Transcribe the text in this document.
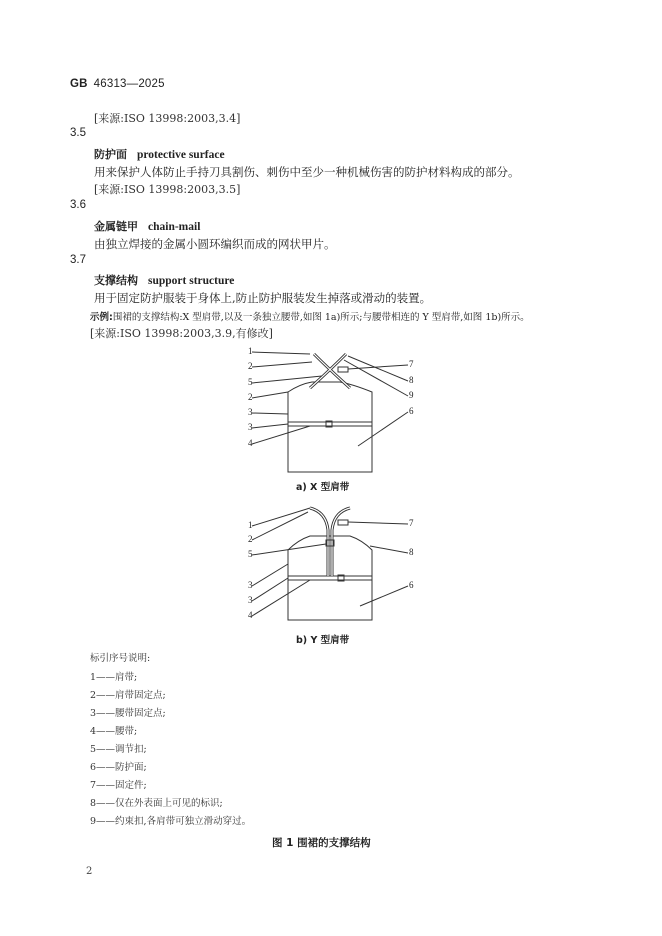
GB 46313—2025
[来源:ISO 13998:2003,3.4]
3.5
防护面 protective surface
用来保护人体防止手持刀具割伤、刺伤中至少一种机械伤害的防护材料构成的部分。
[来源:ISO 13998:2003,3.5]
3.6
金属链甲 chain-mail
由独立焊接的金属小圆环编织而成的网状甲片。
3.7
支撑结构 support structure
用于固定防护服装于身体上,防止防护服装发生掉落或滑动的装置。
示例:围裙的支撑结构:X 型肩带,以及一条独立腰带,如图 1a)所示;与腰带相连的 Y 型肩带,如图 1b)所示。
[来源:ISO 13998:2003,3.9,有修改]
1
2
5
2
3
3
4
7
8
9
6
a) X 型肩带
1
2
5
3
3
4
7
8
6
b) Y 型肩带
标引序号说明:
1——肩带;
2——肩带固定点;
3——腰带固定点;
4——腰带;
5——调节扣;
6——防护面;
7——固定件;
8——仅在外表面上可见的标识;
9——约束扣,各肩带可独立滑动穿过。
图 1 围裙的支撑结构
2
